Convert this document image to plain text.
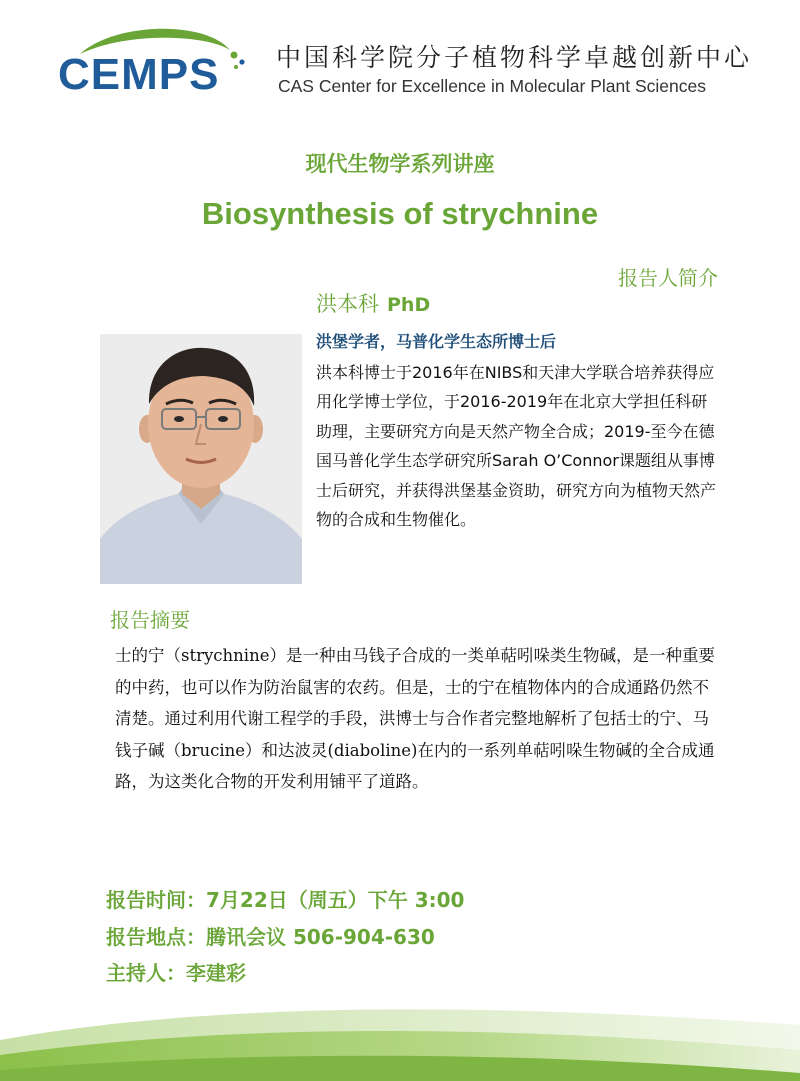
CEMPS 中国科学院分子植物科学卓越创新中心
CAS Center for Excellence in Molecular Plant Sciences
现代生物学系列讲座
Biosynthesis of strychnine
报告人简介
洪本科 PhD
洪堡学者，马普化学生态所博士后
洪本科博士于2016年在NIBS和天津大学联合培养获得应用化学博士学位，于2016-2019年在北京大学担任科研助理，主要研究方向是天然产物全合成；2019-至今在德国马普化学生态学研究所Sarah O’Connor课题组从事博士后研究，并获得洪堡基金资助，研究方向为植物天然产物的合成和生物催化。
报告摘要
士的宁（strychnine）是一种由马钱子合成的一类单萜吲哚类生物碱，是一种重要的中药，也可以作为防治鼠害的农药。但是，士的宁在植物体内的合成通路仍然不清楚。通过利用代谢工程学的手段，洪博士与合作者完整地解析了包括士的宁、马钱子碱（brucine）和达波灵(diaboline)在内的一系列单萜吲哚生物碱的全合成通路，为这类化合物的开发利用铺平了道路。
报告时间：7月22日（周五）下午 3:00
报告地点：腾讯会议 506-904-630
主持人：李建彩
